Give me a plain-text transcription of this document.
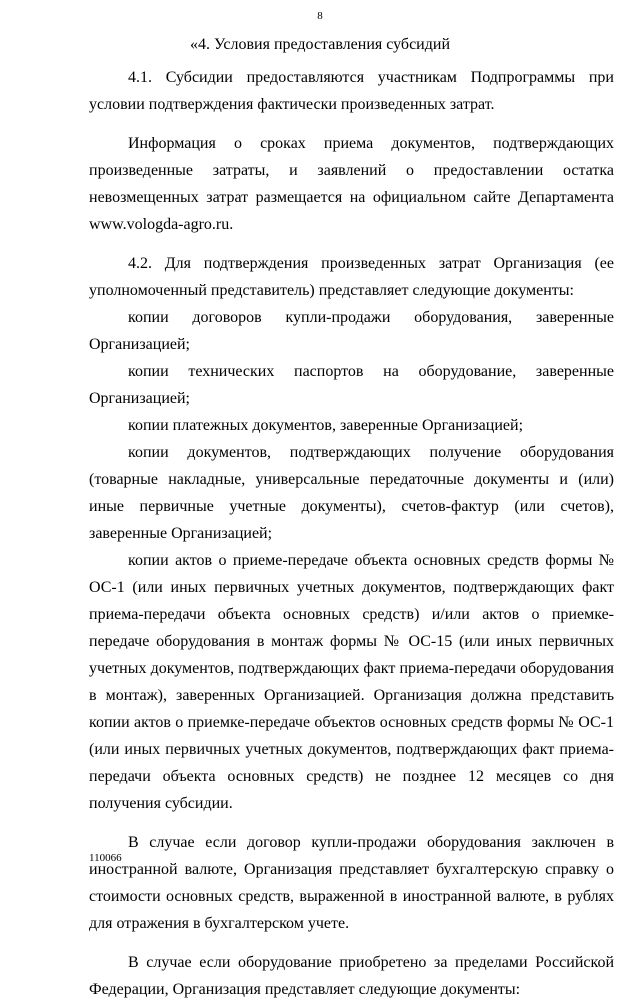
8
«4. Условия предоставления субсидий

4.1. Субсидии предоставляются участникам Подпрограммы при условии подтверждения фактически произведенных затрат.

Информация о сроках приема документов, подтверждающих произведенные затраты, и заявлений о предоставлении остатка невозмещенных затрат размещается на официальном сайте Департамента www.vologda-agro.ru.

4.2. Для подтверждения произведенных затрат Организация (ее уполномоченный представитель) представляет следующие документы:

копии договоров купли-продажи оборудования, заверенные Организацией;

копии технических паспортов на оборудование, заверенные Организацией;

копии платежных документов, заверенные Организацией;

копии документов, подтверждающих получение оборудования (товарные накладные, универсальные передаточные документы и (или) иные первичные учетные документы), счетов-фактур (или счетов), заверенные Организацией;

копии актов о приеме-передаче объекта основных средств формы № ОС-1 (или иных первичных учетных документов, подтверждающих факт приема-передачи объекта основных средств) и/или актов о приемке-передаче оборудования в монтаж формы № ОС-15 (или иных первичных учетных документов, подтверждающих факт приема-передачи оборудования в монтаж), заверенных Организацией. Организация должна представить копии актов о приемке-передаче объектов основных средств формы № ОС-1 (или иных первичных учетных документов, подтверждающих факт приема-передачи объекта основных средств) не позднее 12 месяцев со дня получения субсидии.

В случае если договор купли-продажи оборудования заключен в иностранной валюте, Организация представляет бухгалтерскую справку о стоимости основных средств, выраженной в иностранной валюте, в рублях для отражения в бухгалтерском учете.

В случае если оборудование приобретено за пределами Российской Федерации, Организация представляет следующие документы:

110066
